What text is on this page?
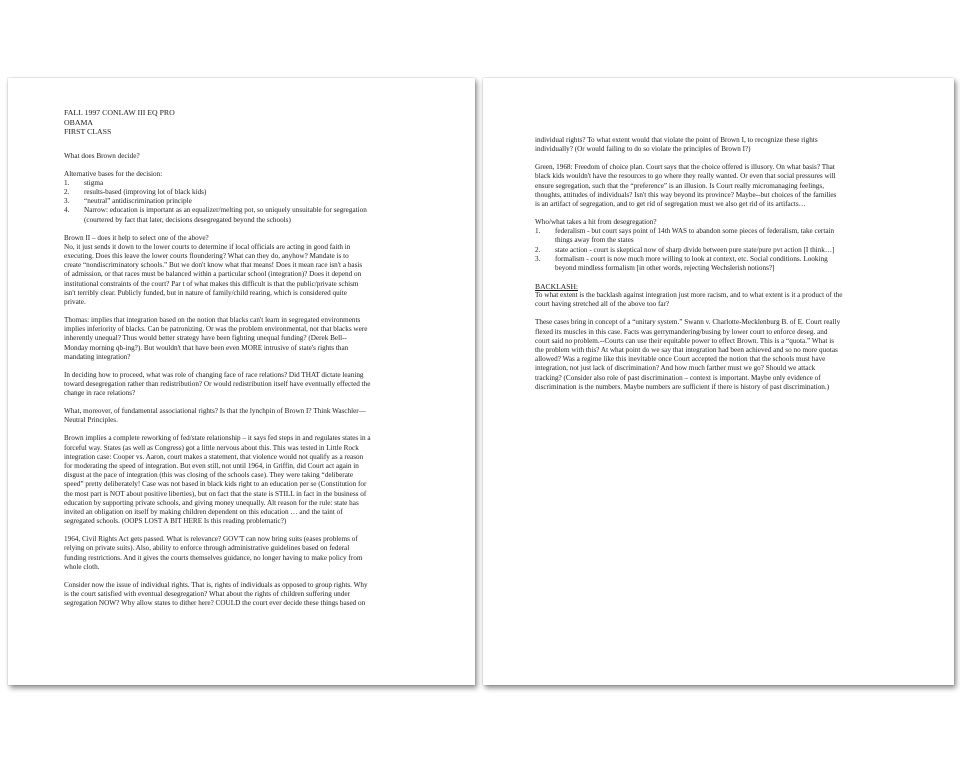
FALL 1997 CONLAW III EQ PRO

OBAMA

FIRST CLASS

What does Brown decide?

Alternative bases for the decision:

1.	stigma
2.	results-based (improving lot of black kids)
3.	“neutral” antidiscrimination principle
4.	Narrow: education is important as an equalizer/melting pot, so uniquely unsuitable for segregation
(courtered by fact that later, decisions desegregated beyond the schools)

Brown II – does it help to select one of the above?
No, it just sends it down to the lower courts to determine if local officials are acting in good faith in
executing. Does this leave the lower courts floundering? What can they do, anyhow? Mandate is to
create “nondiscriminatory schools.” But we don't know what that means! Does it mean race isn't a basis
of admission, or that races must be balanced within a particular school (integration)? Does it depend on
institutional constraints of the court? Par t of what makes this difficult is that the public/private schism
isn't terribly clear. Publicly funded, but in nature of family/child rearing, which is considered quite
private.

Thomas: implies that integration based on the notion that blacks can't learn in segregated environments
implies inferiority of blacks. Can be patronizing. Or was the problem environmental, not that blacks were
inherently unequal? Thus would better strategy have been fighting unequal funding? (Derek Bell--
Monday morning qb-ing?). But wouldn't that have been even MORE intrusive of state's rights than
mandating integration?

In deciding how to proceed, what was role of changing face of race relations? Did THAT dictate leaning
toward desegregation rather than redistribution? Or would redistribution itself have eventually effected the
change in race relations?

What, moreover, of fundamental associational rights? Is that the lynchpin of Brown I? Think Waschler—
Neutral Principles.

Brown implies a complete reworking of fed/state relationship – it says fed steps in and regulates states in a
forceful way. States (as well as Congress) got a little nervous about this. This was tested in Little Rock
integration case: Cooper vs. Aaron, court makes a statement, that violence would not qualify as a reason
for moderating the speed of integration. But even still, not until 1964, in Griffin, did Court act again in
disgust at the pace of integration (this was closing of the schools case). They were taking “deliberate
speed” pretty deliberately! Case was not based in black kids right to an education per se (Constitution for
the most part is NOT about positive liberties), but on fact that the state is STILL in fact in the business of
education by supporting private schools, and giving money unequally. Alt reason for the rule: state has
invited an obligation on itself by making children dependent on this education … and the taint of
segregated schools. (OOPS LOST A BIT HERE Is this reading problematic?)

1964, Civil Rights Act gets passed. What is relevance? GOV'T can now bring suits (eases problems of
relying on private suits). Also, ability to enforce through administrative guidelines based on federal
funding restrictions. And it gives the courts themselves guidance, no longer having to make policy from
whole cloth.

Consider now the issue of individual rights. That is, rights of individuals as opposed to group rights. Why
is the court satisfied with eventual desegregation? What about the rights of children suffering under
segregation NOW? Why allow states to dither here? COULD the court ever decide these things based on

individual rights? To what extent would that violate the point of Brown I, to recognize these rights
individually? (Or would failing to do so violate the principles of Brown I?)

Green, 1968: Freedom of choice plan. Court says that the choice offered is illusory. On what basis? That
black kids wouldn't have the resources to go where they really wanted. Or even that social pressures will
ensure segregation, such that the “preference” is an illusion. Is Court really micromanaging feelings,
thoughts, attitudes of individuals? Isn't this way beyond its province? Maybe--but choices of the families
is an artifact of segregation, and to get rid of segregation must we also get rid of its artifacts…

Who/what takes a hit from desegregation?

1.	federalism - but court says point of 14th WAS to abandon some pieces of federalism, take certain
things away from the states
2.	state action - court is skeptical now of sharp divide between pure state/pure pvt action [I think…]
3.	formalism - court is now much more willing to look at context, etc. Social conditions. Looking
beyond mindless formalism [in other words, rejecting Wechslerish notions?]

BACKLASH:

To what extent is the backlash against integration just more racism, and to what extent is it a product of the
court having stretched all of the above too far?

These cases bring in concept of a “unitary system.” Swann v. Charlotte-Mecklenburg B. of E. Court really
flexed its muscles in this case. Facts was gerrymandering/busing by lower court to enforce deseg. and
court said no problem.--Courts can use their equitable power to effect Brown. This is a “quota.” What is
the problem with this? At what point do we say that integration had been achieved and so no more quotas
allowed? Was a regime like this inevitable once Court accepted the notion that the schools must have
integration, not just lack of discrimination? And how much farther must we go? Should we attack
tracking? (Consider also role of past discrimination – context is important. Maybe only evidence of
discrimination is the numbers. Maybe numbers are sufficient if there is history of past discrimination.)
